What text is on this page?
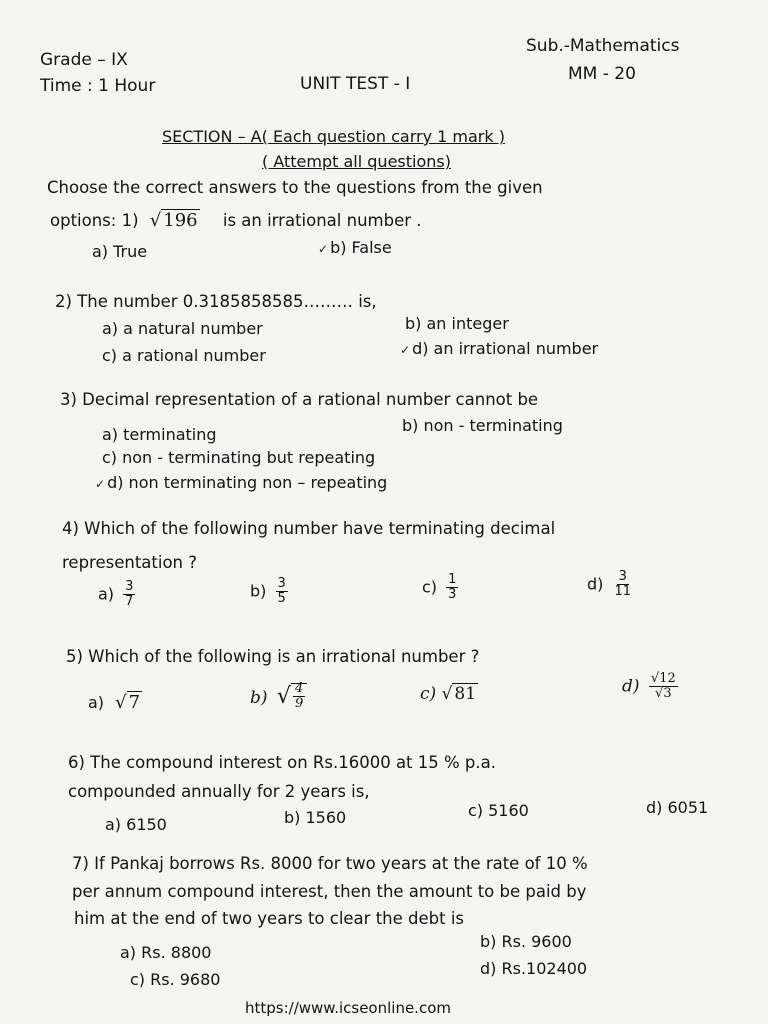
Grade – IX
Time : 1 Hour	UNIT TEST - I
Sub.-Mathematics
MM - 20
SECTION – A( Each question carry 1 mark )
( Attempt all questions)
Choose the correct answers to the questions from the given
options: 1) √ 196 is an irrational number .
a) True	✓ b) False
2) The number 0.3185858585……… is,
a) a natural number	b) an integer
c) a rational number	✓ d) an irrational number
3) Decimal representation of a rational number cannot be
a) terminating	b) non - terminating
c) non - terminating but repeating
✓ d) non terminating non – repeating
4) Which of the following number have terminating decimal
representation ?
$a) \frac{3}{7}$	$b) \frac{3}{5}$	$c) \frac{1}{3}$	$d) \frac{3}{11}$
5) Which of the following is an irrational number ?
a) √ 7	b) √ $\frac{4}{9}$	c) √ 81	$d) \frac{√12}{√3}$
6) The compound interest on Rs.16000 at 15 % p.a.
compounded annually for 2 years is,
a) 6150	b) 1560	c) 5160	d) 6051
7) If Pankaj borrows Rs. 8000 for two years at the rate of 10 %
per annum compound interest, then the amount to be paid by
him at the end of two years to clear the debt is
a) Rs. 8800
b) Rs. 9600
c) Rs. 9680
d) Rs.102400
https://www.icseonline.com
